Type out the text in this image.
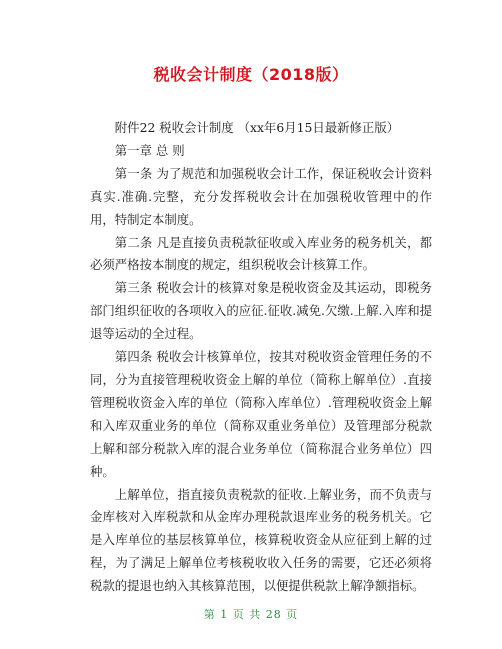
税收会计制度（2018版）

附件22 税收会计制度 （xx年6月15日最新修正版）

第一章 总 则

第一条 为了规范和加强税收会计工作，保证税收会计资料真实.准确.完整，充分发挥税收会计在加强税收管理中的作用，特制定本制度。

第二条 凡是直接负责税款征收或入库业务的税务机关，都必须严格按本制度的规定，组织税收会计核算工作。

第三条 税收会计的核算对象是税收资金及其运动，即税务部门组织征收的各项收入的应征.征收.减免.欠缴.上解.入库和提退等运动的全过程。

第四条 税收会计核算单位，按其对税收资金管理任务的不同，分为直接管理税收资金上解的单位（简称上解单位）.直接管理税收资金入库的单位（简称入库单位）.管理税收资金上解和入库双重业务的单位（简称双重业务单位）及管理部分税款上解和部分税款入库的混合业务单位（简称混合业务单位）四种。

上解单位，指直接负责税款的征收.上解业务，而不负责与金库核对入库税款和从金库办理税款退库业务的税务机关。它是入库单位的基层核算单位，核算税收资金从应征到上解的过程，为了满足上解单位考核税收收入任务的需要，它还必须将税款的提退也纳入其核算范围，以便提供税款上解净额指标。

第 1 页 共 28 页
